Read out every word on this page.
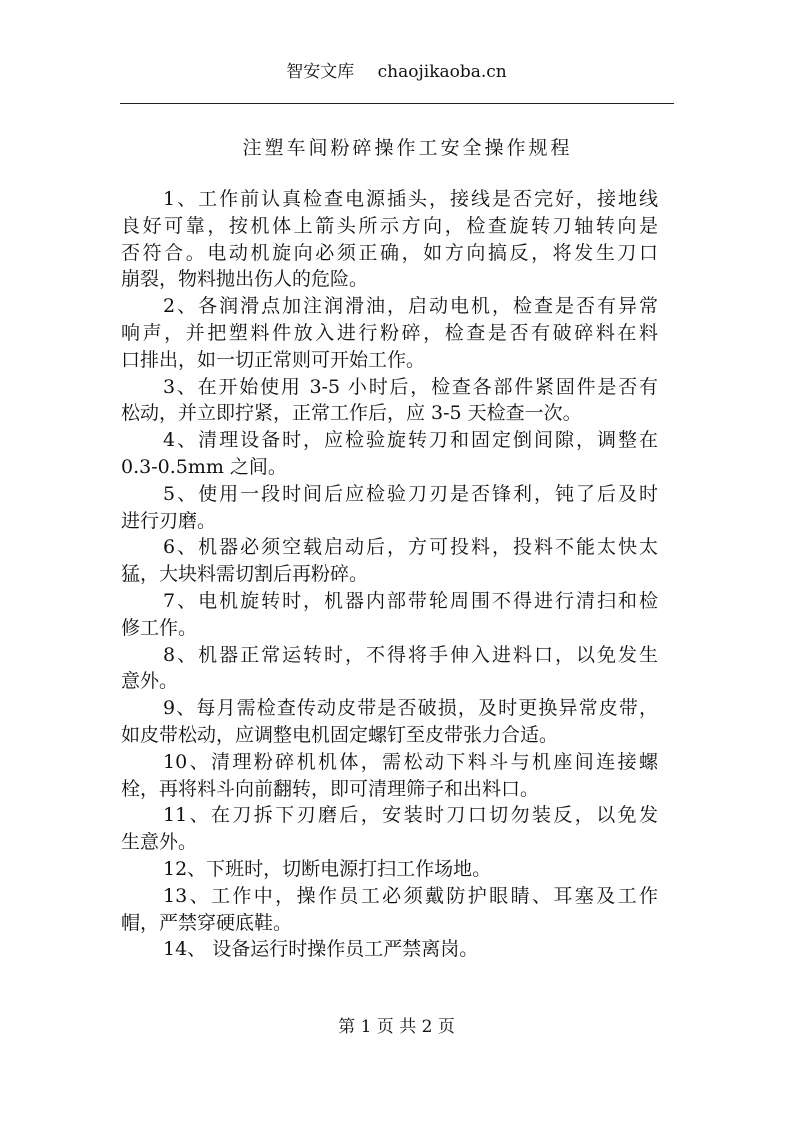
智安文库 chaojikaoba.cn
注塑车间粉碎操作工安全操作规程
1、工作前认真检查电源插头，接线是否完好，接地线
良好可靠，按机体上箭头所示方向，检查旋转刀轴转向是
否符合。电动机旋向必须正确，如方向搞反，将发生刀口
崩裂，物料抛出伤人的危险。
2、各润滑点加注润滑油，启动电机，检查是否有异常
响声，并把塑料件放入进行粉碎，检查是否有破碎料在料
口排出，如一切正常则可开始工作。
3、在开始使用 3-5 小时后，检查各部件紧固件是否有
松动，并立即拧紧，正常工作后，应 3-5 天检查一次。
4、清理设备时，应检验旋转刀和固定倒间隙，调整在
0.3-0.5mm 之间。
5、使用一段时间后应检验刀刃是否锋利，钝了后及时
进行刃磨。
6、机器必须空载启动后，方可投料，投料不能太快太
猛，大块料需切割后再粉碎。
7、电机旋转时，机器内部带轮周围不得进行清扫和检
修工作。
8、机器正常运转时，不得将手伸入进料口，以免发生
意外。
9、每月需检查传动皮带是否破损，及时更换异常皮带，
如皮带松动，应调整电机固定螺钉至皮带张力合适。
10、清理粉碎机机体，需松动下料斗与机座间连接螺
栓，再将料斗向前翻转，即可清理筛子和出料口。
11、在刀拆下刃磨后，安装时刀口切勿装反，以免发
生意外。
12、下班时，切断电源打扫工作场地。
13、工作中，操作员工必须戴防护眼睛、耳塞及工作
帽，严禁穿硬底鞋。
14、 设备运行时操作员工严禁离岗。
第 1 页 共 2 页
